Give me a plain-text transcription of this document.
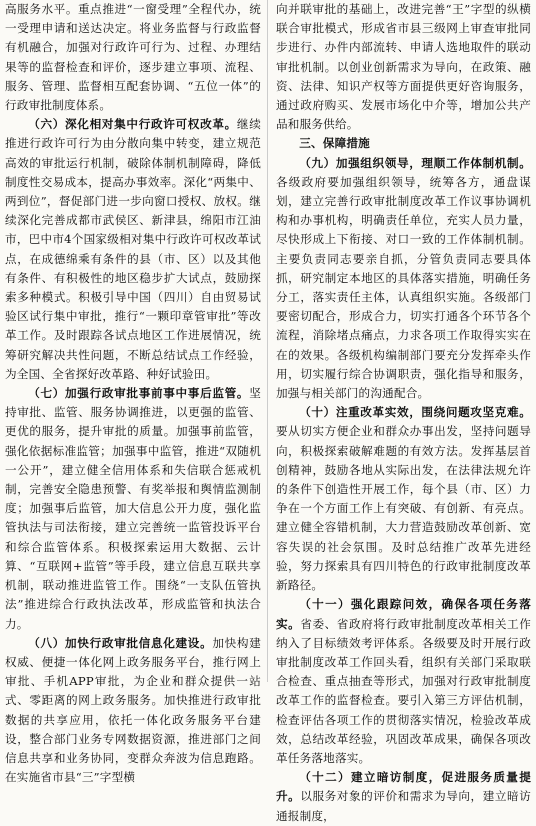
高服务水平。重点推进“一窗受理”全程代办，统一受理申请和送达决定。将业务监督与行政监督有机融合，加强对行政许可行为、过程、办理结果等的监督检查和评价，逐步建立事项、流程、服务、管理、监督相互配套协调、“五位一体”的行政审批制度体系。

（六）深化相对集中行政许可权改革。继续推进行政许可行为由分散向集中转变，建立规范高效的审批运行机制，破除体制机制障碍，降低制度性交易成本，提高办事效率。深化“两集中、两到位”，督促部门进一步向窗口授权、放权。继续深化完善成都市武侯区、新津县，绵阳市江油市，巴中市4个国家级相对集中行政许可权改革试点，在成德绵乘有条件的县（市、区）以及其他有条件、有积极性的地区稳步扩大试点，鼓励探索多种模式。积极引导中国（四川）自由贸易试验区试行集中审批，推行“一颗印章管审批”等改革工作。及时跟踪各试点地区工作进展情况，统筹研究解决共性问题，不断总结试点工作经验，为全国、全省探好改革路、种好试验田。

（七）加强行政审批事前事中事后监管。坚持审批、监管、服务协调推进，以更强的监管、更优的服务，提升审批的质量。加强事前监管，强化依据标准监管；加强事中监管，推进“双随机一公开”，建立健全信用体系和失信联合惩戒机制，完善安全隐患预警、有奖举报和舆情监测制度；加强事后监管，加大信息公开力度，强化监管执法与司法衔接，建立完善统一监管投诉平台和综合监管体系。积极探索运用大数据、云计算、“互联网+监管”等手段，建立信息互联共享机制，联动推进监管工作。围绕“一支队伍管执法”推进综合行政执法改革，形成监管和执法合力。

（八）加快行政审批信息化建设。加快构建权威、便捷一体化网上政务服务平台，推行网上审批、手机APP审批，为企业和群众提供一站式、零距离的网上政务服务。加快推进行政审批数据的共享应用，依托一体化政务服务平台建设，整合部门业务专网数据资源，推进部门之间信息共享和业务协同，变群众奔波为信息跑路。在实施省市县“三”字型横

向并联审批的基础上，改进完善“王”字型的纵横联合审批模式，形成省市县三级网上审查审批同步进行、办件内部流转、申请人选地取件的联动审批机制。以创业创新需求为导向，在政策、融资、法律、知识产权等方面提供更好咨询服务，通过政府购买、发展市场化中介等，增加公共产品和服务供给。

三、保障措施

（九）加强组织领导，理顺工作体制机制。各级政府要加强组织领导，统筹各方，通盘谋划，建立完善行政审批制度改革工作议事协调机构和办事机构，明确责任单位，充实人员力量，尽快形成上下衔接、对口一致的工作体制机制。主要负责同志要亲自抓，分管负责同志要具体抓，研究制定本地区的具体落实措施，明确任务分工，落实责任主体，认真组织实施。各级部门要密切配合，形成合力，切实打通各个环节各个流程，消除堵点痛点，力求各项工作取得实实在在的效果。各级机构编制部门要充分发挥牵头作用，切实履行综合协调职责，强化指导和服务，加强与相关部门的沟通配合。

（十）注重改革实效，围绕问题攻坚克难。要从切实方便企业和群众办事出发，坚持问题导向，积极探索破解难题的有效方法。发挥基层首创精神，鼓励各地从实际出发，在法律法规允许的条件下创造性开展工作，每个县（市、区）力争在一个方面工作上有突破、有创新、有亮点。建立健全容错机制，大力营造鼓励改革创新、宽容失误的社会氛围。及时总结推广改革先进经验，努力探索具有四川特色的行政审批制度改革新路径。

（十一）强化跟踪问效，确保各项任务落实。省委、省政府将行政审批制度改革相关工作纳入了目标绩效考评体系。各级要及时开展行政审批制度改革工作回头看，组织有关部门采取联合检查、重点抽查等形式，加强对行政审批制度改革工作的监督检查。要引入第三方评估机制，检查评估各项工作的贯彻落实情况，检验改革成效，总结改革经验，巩固改革成果，确保各项改革任务落地落实。

（十二）建立暗访制度，促进服务质量提升。以服务对象的评价和需求为导向，建立暗访通报制度，
